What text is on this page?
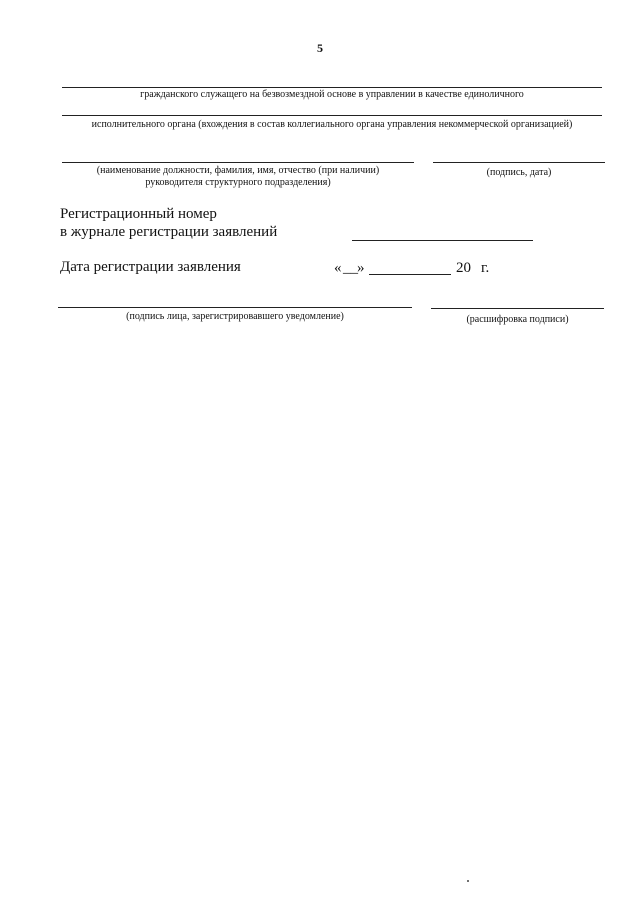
5
гражданского служащего на безвозмездной основе в управлении в качестве единоличного
исполнительного органа (вхождения в состав коллегиального органа управления некоммерческой организацией)
(наименование должности, фамилия, имя, отчество (при наличии)
руководителя структурного подразделения)
(подпись, дата)
Регистрационный номер
в журнале регистрации заявлений
Дата регистрации заявления	« __ »	20 г.
(подпись лица, зарегистрировавшего уведомление)	(расшифровка подписи)
